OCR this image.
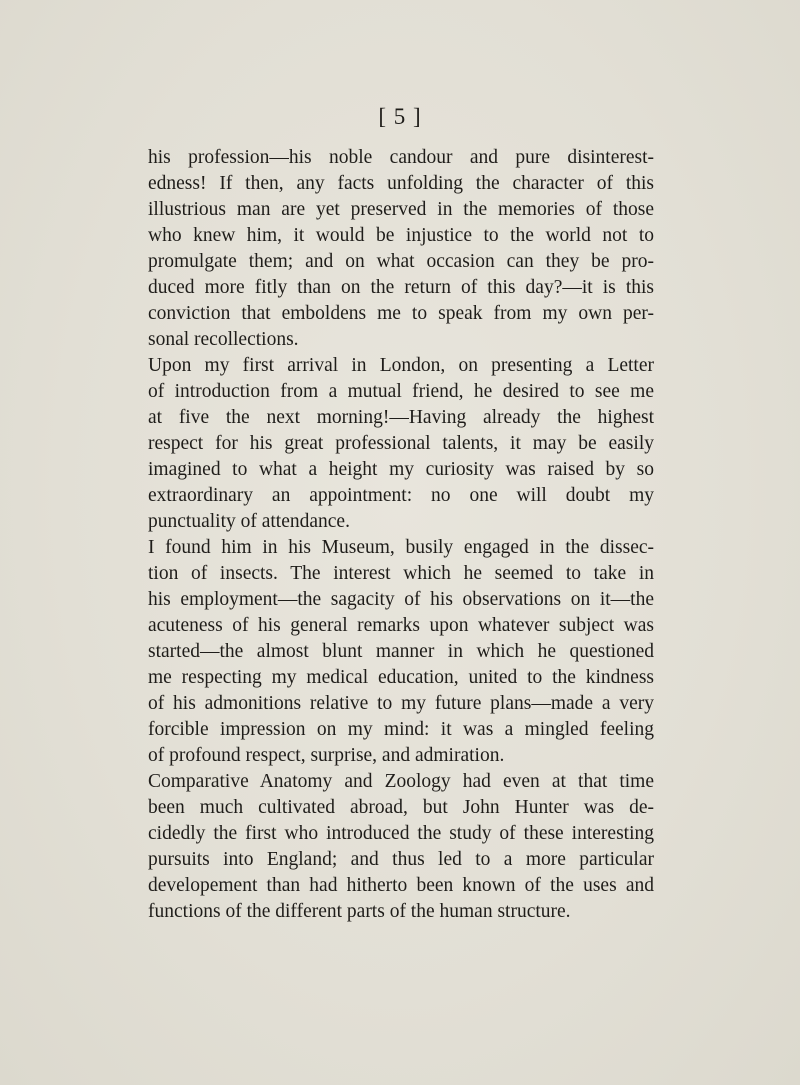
[ 5 ]
his profession—his noble candour and pure disinterest-
edness! If then, any facts unfolding the character of this
illustrious man are yet preserved in the memories of those
who knew him, it would be injustice to the world not to
promulgate them; and on what occasion can they be pro-
duced more fitly than on the return of this day?—it is this
conviction that emboldens me to speak from my own per-
sonal recollections.
Upon my first arrival in London, on presenting a Letter
of introduction from a mutual friend, he desired to see me
at five the next morning!—Having already the highest
respect for his great professional talents, it may be easily
imagined to what a height my curiosity was raised by so
extraordinary an appointment: no one will doubt my
punctuality of attendance.
I found him in his Museum, busily engaged in the dissec-
tion of insects. The interest which he seemed to take in
his employment—the sagacity of his observations on it—the
acuteness of his general remarks upon whatever subject was
started—the almost blunt manner in which he questioned
me respecting my medical education, united to the kindness
of his admonitions relative to my future plans—made a very
forcible impression on my mind: it was a mingled feeling
of profound respect, surprise, and admiration.
Comparative Anatomy and Zoology had even at that time
been much cultivated abroad, but John Hunter was de-
cidedly the first who introduced the study of these interesting
pursuits into England; and thus led to a more particular
developement than had hitherto been known of the uses and
functions of the different parts of the human structure.
